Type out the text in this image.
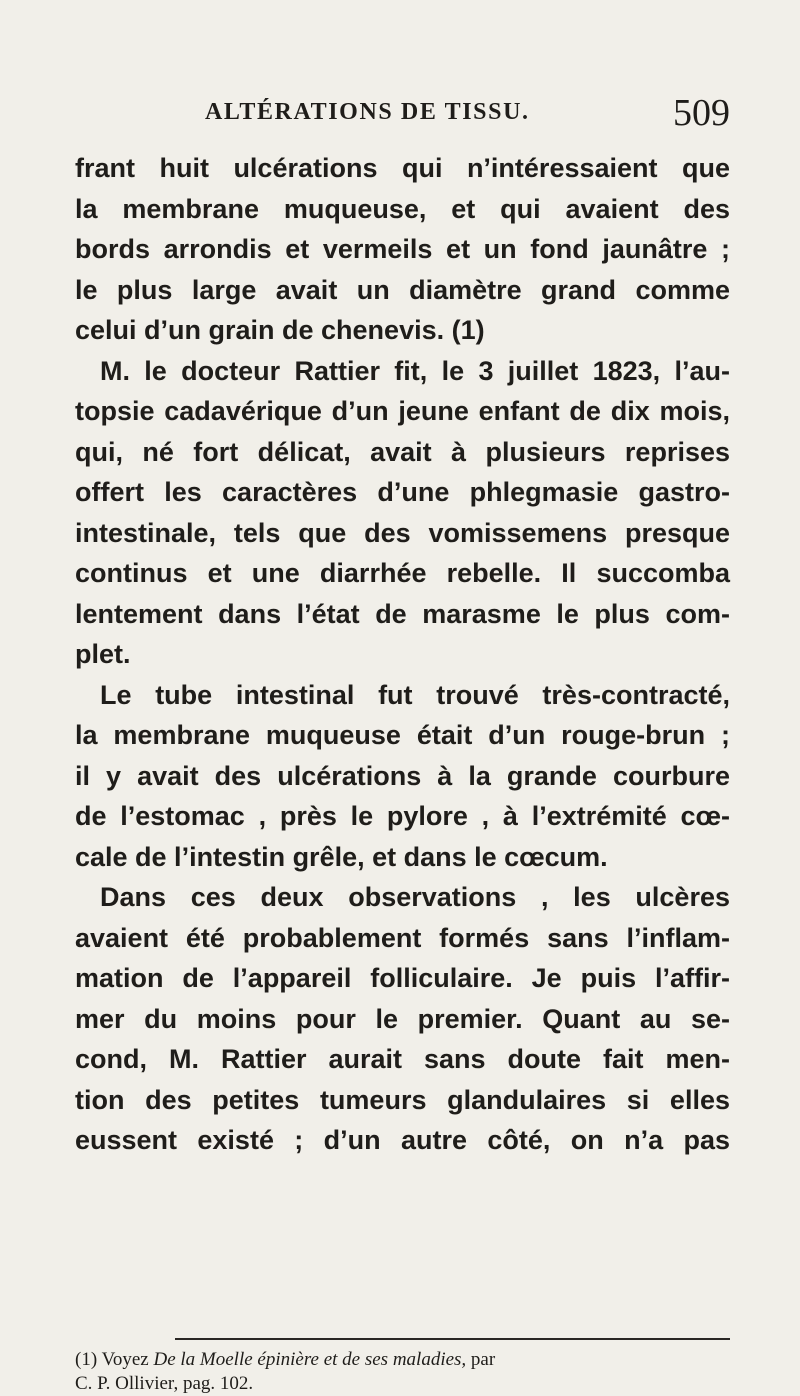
ALTÉRATIONS DE TISSU.	509
frant huit ulcérations qui n’intéressaient que
la membrane muqueuse, et qui avaient des
bords arrondis et vermeils et un fond jaunâtre ;
le plus large avait un diamètre grand comme
celui d’un grain de chenevis. (1)
M. le docteur Rattier fit, le 3 juillet 1823, l’au-
topsie cadavérique d’un jeune enfant de dix mois,
qui, né fort délicat, avait à plusieurs reprises
offert les caractères d’une phlegmasie gastro-
intestinale, tels que des vomissemens presque
continus et une diarrhée rebelle. Il succomba
lentement dans l’état de marasme le plus com-
plet.
Le tube intestinal fut trouvé très-contracté,
la membrane muqueuse était d’un rouge-brun ;
il y avait des ulcérations à la grande courbure
de l’estomac , près le pylore , à l’extrémité cœ-
cale de l’intestin grêle, et dans le cœcum.
Dans ces deux observations , les ulcères
avaient été probablement formés sans l’inflam-
mation de l’appareil folliculaire. Je puis l’affir-
mer du moins pour le premier. Quant au se-
cond, M. Rattier aurait sans doute fait men-
tion des petites tumeurs glandulaires si elles
eussent existé ; d’un autre côté, on n’a pas
(1) Voyez De la Moelle épinière et de ses maladies, par
C. P. Ollivier, pag. 102.
